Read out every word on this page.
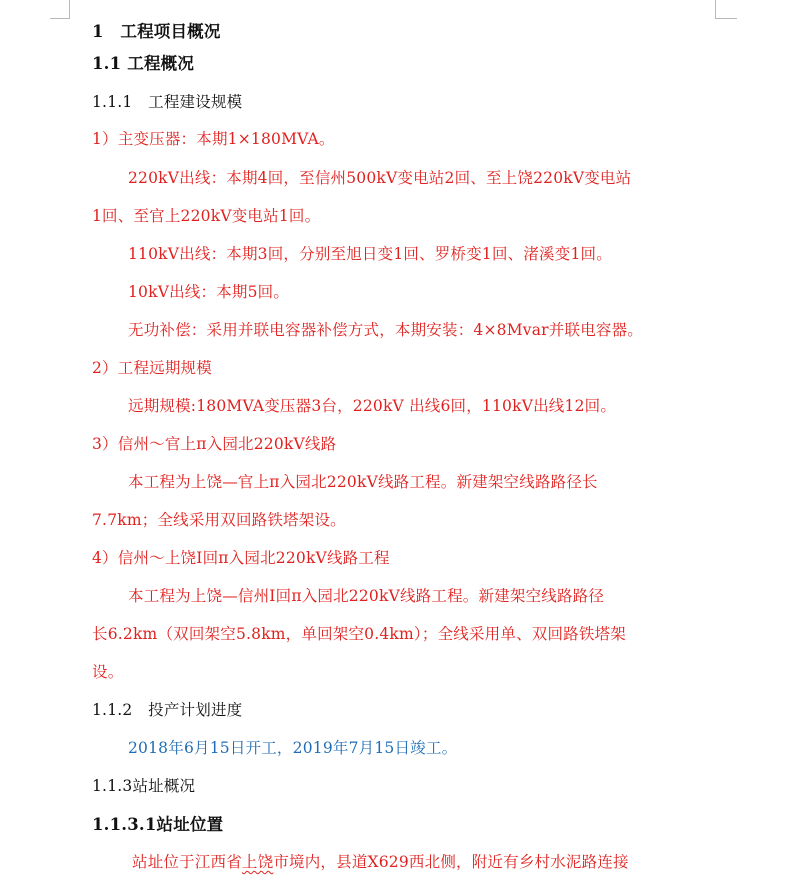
1　工程项目概况
1.1 工程概况
1.1.1　工程建设规模
1）主变压器：本期1×180MVA。
220kV出线：本期4回，至信州500kV变电站2回、至上饶220kV变电站
1回、至官上220kV变电站1回。
110kV出线：本期3回，分别至旭日变1回、罗桥变1回、渚溪变1回。
10kV出线：本期5回。
无功补偿：采用并联电容器补偿方式，本期安装：4×8Mvar并联电容器。
2）工程远期规模
远期规模:180MVA变压器3台，220kV 出线6回，110kV出线12回。
3）信州～官上π入园北220kV线路
本工程为上饶—官上π入园北220kV线路工程。新建架空线路路径长
7.7km；全线采用双回路铁塔架设。
4）信州～上饶Ⅰ回π入园北220kV线路工程
本工程为上饶—信州Ⅰ回π入园北220kV线路工程。新建架空线路路径
长6.2km（双回架空5.8km，单回架空0.4km）；全线采用单、双回路铁塔架
设。
1.1.2　投产计划进度
2018年6月15日开工，2019年7月15日竣工。
1.1.3站址概况
1.1.3.1站址位置
站址位于江西省上饶市境内，县道X629西北侧，附近有乡村水泥路连接
